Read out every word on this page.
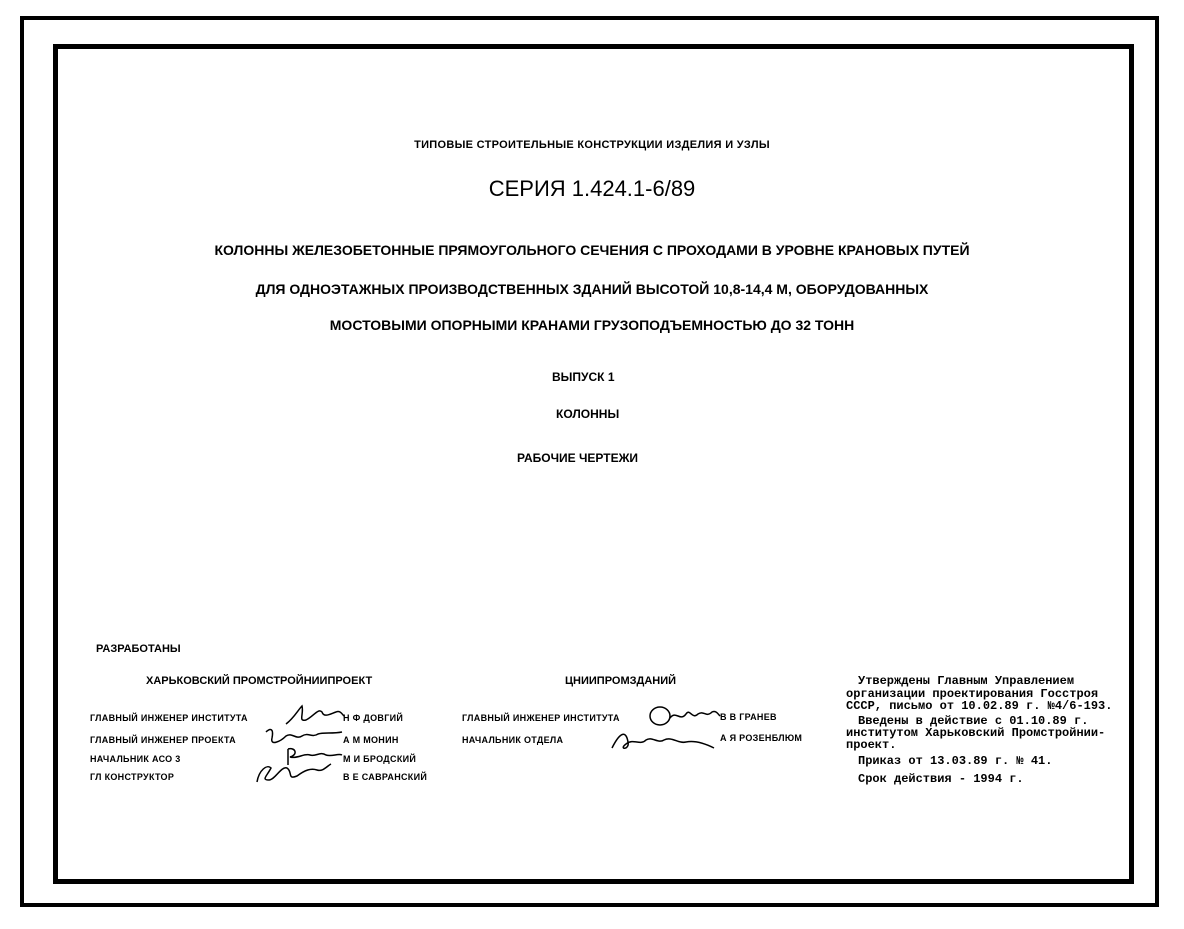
ТИПОВЫЕ СТРОИТЕЛЬНЫЕ КОНСТРУКЦИИ ИЗДЕЛИЯ И УЗЛЫ
СЕРИЯ 1.424.1-6/89
КОЛОННЫ ЖЕЛЕЗОБЕТОННЫЕ ПРЯМОУГОЛЬНОГО СЕЧЕНИЯ С ПРОХОДАМИ В УРОВНЕ КРАНОВЫХ ПУТЕЙ
ДЛЯ ОДНОЭТАЖНЫХ ПРОИЗВОДСТВЕННЫХ ЗДАНИЙ ВЫСОТОЙ 10,8-14,4 М, ОБОРУДОВАННЫХ
МОСТОВЫМИ ОПОРНЫМИ КРАНАМИ ГРУЗОПОДЪЕМНОСТЬЮ ДО 32 ТОНН
ВЫПУСК 1
КОЛОННЫ
РАБОЧИЕ ЧЕРТЕЖИ
РАЗРАБОТАНЫ
ХАРЬКОВСКИЙ ПРОМСТРОЙНИИПРОЕКТ
ГЛАВНЫЙ ИНЖЕНЕР ИНСТИТУТА	Н Ф ДОВГИЙ
ГЛАВНЫЙ ИНЖЕНЕР ПРОЕКТА	А М МОНИН
НАЧАЛЬНИК АСО 3	М И БРОДСКИЙ
ГЛ КОНСТРУКТОР	В Е САВРАНСКИЙ
ЦНИИПРОМЗДАНИЙ
ГЛАВНЫЙ ИНЖЕНЕР ИНСТИТУТА	В В ГРАНЕВ
НАЧАЛЬНИК ОТДЕЛА	А Я РОЗЕНБЛЮМ
Утверждены Главным Управлением
организации проектирования Госстроя
СССР, письмо от 10.02.89 г. №4/6-193.
Введены в действие с 01.10.89 г.
институтом Харьковский Промстройнии-
проект.
Приказ от 13.03.89 г. № 41.
Срок действия - 1994 г.
